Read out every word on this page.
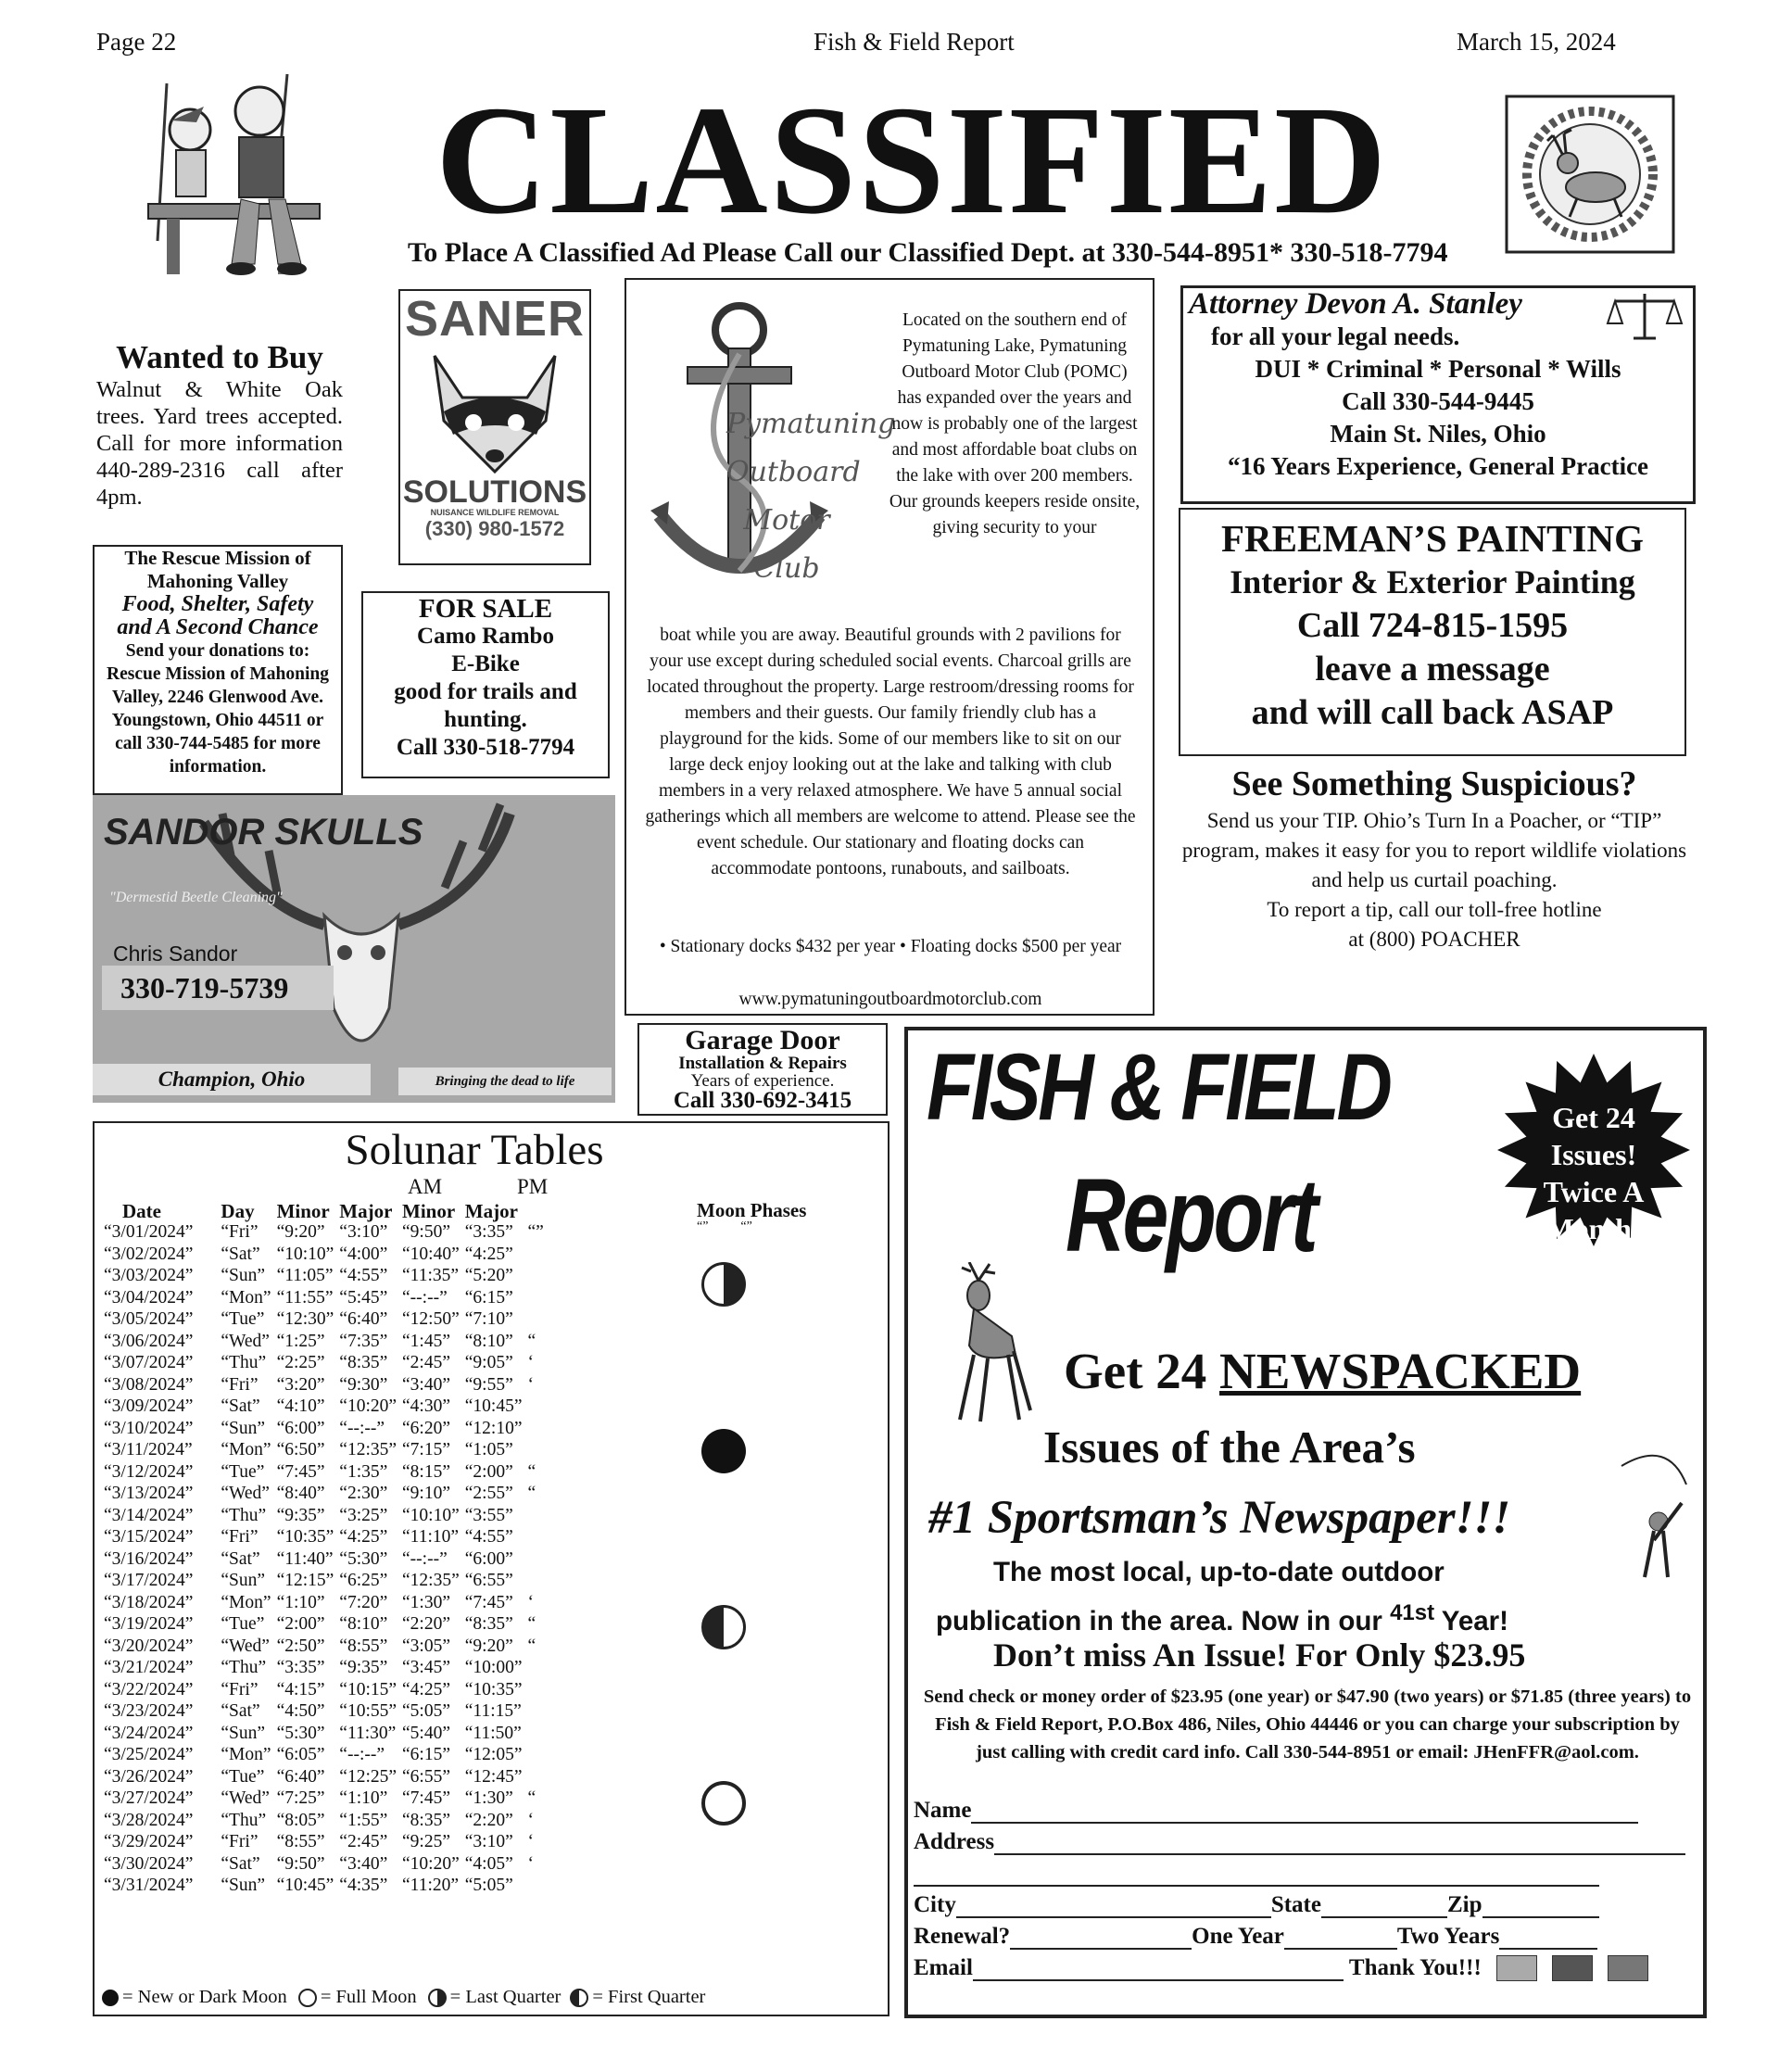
Page 22	Fish & Field Report	March 15, 2024
CLASSIFIED
To Place A Classified Ad Please Call our Classified Dept. at 330-544-8951* 330-518-7794
Wanted to Buy
Walnut & White Oak trees. Yard trees accepted. Call for more information 440-289-2316 call after 4pm.
SANER
SOLUTIONS
NUISANCE WILDLIFE REMOVAL
(330) 980-1572
The Rescue Mission of
Mahoning Valley
Food, Shelter, Safety
and A Second Chance
Send your donations to: Rescue Mission of Mahoning Valley, 2246 Glenwood Ave. Youngstown, Ohio 44511 or call 330-744-5485 for more information.
FOR SALE
Camo Rambo
E-Bike
good for trails and hunting.
Call 330-518-7794
SANDOR SKULLS
"Dermestid Beetle Cleaning"
Chris Sandor
330-719-5739
Champion, Ohio	Bringing the dead to life
Pymatuning Outboard Motor Club
Located on the southern end of Pymatuning Lake, Pymatuning Outboard Motor Club (POMC) has expanded over the years and now is probably one of the largest and most affordable boat clubs on the lake with over 200 members. Our grounds keepers reside onsite, giving security to your
boat while you are away. Beautiful grounds with 2 pavilions for your use except during scheduled social events. Charcoal grills are located throughout the property. Large restroom/dressing rooms for members and their guests. Our family friendly club has a playground for the kids. Some of our members like to sit on our large deck enjoy looking out at the lake and talking with club members in a very relaxed atmosphere. We have 5 annual social gatherings which all members are welcome to attend. Please see the event schedule. Our stationary and floating docks can accommodate pontoons, runabouts, and sailboats.
• Stationary docks $432 per year • Floating docks $500 per year
www.pymatuningoutboardmotorclub.com
Attorney Devon A. Stanley
for all your legal needs.
DUI * Criminal * Personal * Wills
Call 330-544-9445
Main St. Niles, Ohio
“16 Years Experience, General Practice
FREEMAN’S PAINTING
Interior & Exterior Painting
Call 724-815-1595
leave a message
and will call back ASAP
See Something Suspicious?
Send us your TIP. Ohio’s Turn In a Poacher, or “TIP” program, makes it easy for you to report wildlife violations and help us curtail poaching.
To report a tip, call our toll-free hotline
at (800) POACHER
Garage Door
Installation & Repairs
Years of experience.
Call 330-692-3415
Solunar Tables
AM	PM
Moon Phases
“”          “”
Date	Day	Minor	Major	Minor	Major	
“3/01/2024”	“Fri”	“9:20”	“3:10”	“9:50”	“3:35”	“”
“3/02/2024”	“Sat”	“10:10”	“4:00”	“10:40”	“4:25”	
“3/03/2024”	“Sun”	“11:05”	“4:55”	“11:35”	“5:20”	
“3/04/2024”	“Mon”	“11:55”	“5:45”	“--:--”	“6:15”	
“3/05/2024”	“Tue”	“12:30”	“6:40”	“12:50”	“7:10”	
“3/06/2024”	“Wed”	“1:25”	“7:35”	“1:45”	“8:10”	“
“3/07/2024”	“Thu”	“2:25”	“8:35”	“2:45”	“9:05”	‘
“3/08/2024”	“Fri”	“3:20”	“9:30”	“3:40”	“9:55”	‘
“3/09/2024”	“Sat”	“4:10”	“10:20”	“4:30”	“10:45”	
“3/10/2024”	“Sun”	“6:00”	“--:--”	“6:20”	“12:10”	
“3/11/2024”	“Mon”	“6:50”	“12:35”	“7:15”	“1:05”	
“3/12/2024”	“Tue”	“7:45”	“1:35”	“8:15”	“2:00”	“
“3/13/2024”	“Wed”	“8:40”	“2:30”	“9:10”	“2:55”	“
“3/14/2024”	“Thu”	“9:35”	“3:25”	“10:10”	“3:55”	
“3/15/2024”	“Fri”	“10:35”	“4:25”	“11:10”	“4:55”	
“3/16/2024”	“Sat”	“11:40”	“5:30”	“--:--”	“6:00”	
“3/17/2024”	“Sun”	“12:15”	“6:25”	“12:35”	“6:55”	
“3/18/2024”	“Mon”	“1:10”	“7:20”	“1:30”	“7:45”	‘
“3/19/2024”	“Tue”	“2:00”	“8:10”	“2:20”	“8:35”	“
“3/20/2024”	“Wed”	“2:50”	“8:55”	“3:05”	“9:20”	“
“3/21/2024”	“Thu”	“3:35”	“9:35”	“3:45”	“10:00”	
“3/22/2024”	“Fri”	“4:15”	“10:15”	“4:25”	“10:35”	
“3/23/2024”	“Sat”	“4:50”	“10:55”	“5:05”	“11:15”	
“3/24/2024”	“Sun”	“5:30”	“11:30”	“5:40”	“11:50”	
“3/25/2024”	“Mon”	“6:05”	“--:--”	“6:15”	“12:05”	
“3/26/2024”	“Tue”	“6:40”	“12:25”	“6:55”	“12:45”	
“3/27/2024”	“Wed”	“7:25”	“1:10”	“7:45”	“1:30”	“
“3/28/2024”	“Thu”	“8:05”	“1:55”	“8:35”	“2:20”	‘
“3/29/2024”	“Fri”	“8:55”	“2:45”	“9:25”	“3:10”	‘
“3/30/2024”	“Sat”	“9:50”	“3:40”	“10:20”	“4:05”	‘
“3/31/2024”	“Sun”	“10:45”	“4:35”	“11:20”	“5:05”	
= New or Dark Moon = Full Moon = Last Quarter = First Quarter
FISH & FIELD
Report
Get 24 Issues! Twice A Month!
Get 24 NEWSPACKED
Issues of the Area’s
#1 Sportsman’s Newspaper!!!
The most local, up-to-date outdoor
publication in the area. Now in our $^{41st}$ Year!
Don’t miss An Issue! For Only $23.95
Send check or money order of $23.95 (one year) or $47.90 (two years) or $71.85 (three years) to Fish & Field Report, P.O.Box 486, Niles, Ohio 44446 or you can charge your subscription by just calling with credit card info. Call 330-544-8951 or email: JHenFFR@aol.com.
Name
Address
City	State	Zip
Renewal?	One Year	Two Years
Email	Thank You!!!
